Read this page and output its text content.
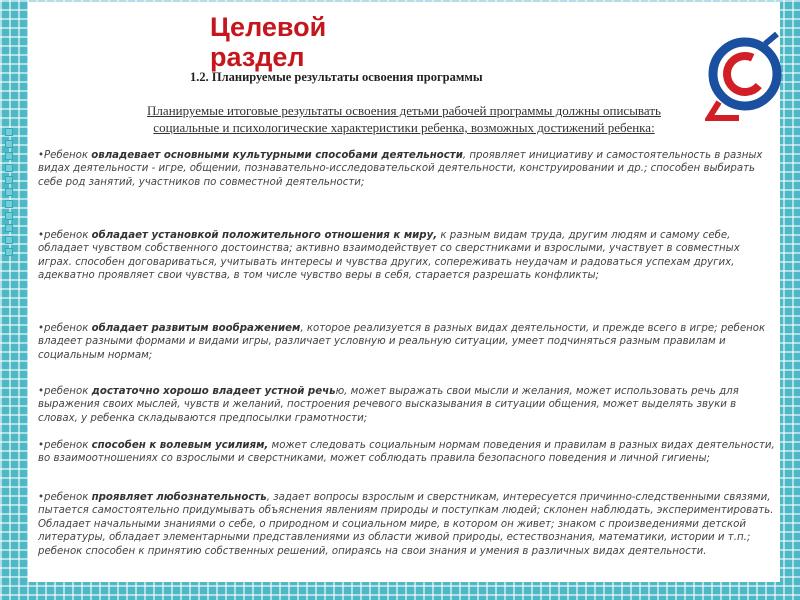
Целевой
раздел
1.2. Планируемые результаты освоения программы
Планируемые итоговые результаты освоения детьми рабочей программы должны описывать
социальные и психологические характеристики ребенка, возможных достижений ребенка:
•Ребенок овладевает основными культурными способами деятельности, проявляет инициативу и самостоятельность в разных видах деятельности - игре, общении, познавательно-исследовательской деятельности, конструировании и др.; способен выбирать себе род занятий, участников по совместной деятельности;
•ребенок обладает установкой положительного отношения к миру, к разным видам труда, другим людям и самому себе, обладает чувством собственного достоинства; активно взаимодействует со сверстниками и взрослыми, участвует в совместных играх. способен договариваться, учитывать интересы и чувства других, сопереживать неудачам и радоваться успехам других, адекватно проявляет свои чувства, в том числе чувство веры в себя, старается разрешать конфликты;
•ребенок обладает развитым воображением, которое реализуется в разных видах деятельности, и прежде всего в игре; ребенок владеет разными формами и видами игры, различает условную и реальную ситуации, умеет подчиняться разным правилам и социальным нормам;
•ребенок достаточно хорошо владеет устной речью, может выражать свои мысли и желания, может использовать речь для выражения своих мыслей, чувств и желаний, построения речевого высказывания в ситуации общения, может выделять звуки в словах, у ребенка складываются предпосылки грамотности;
•ребенок способен к волевым усилиям, может следовать социальным нормам поведения и правилам в разных видах деятельности, во взаимоотношениях со взрослыми и сверстниками, может соблюдать правила безопасного поведения и личной гигиены;
•ребенок проявляет любознательность, задает вопросы взрослым и сверстникам, интересуется причинно-следственными связями, пытается самостоятельно придумывать объяснения явлениям природы и поступкам людей; склонен наблюдать, экспериментировать. Обладает начальными знаниями о себе, о природном и социальном мире, в котором он живет; знаком с произведениями детской литературы, обладает элементарными представлениями из области живой природы, естествознания, математики, истории и т.п.; ребенок способен к принятию собственных решений, опираясь на свои знания и умения в различных видах деятельности.
